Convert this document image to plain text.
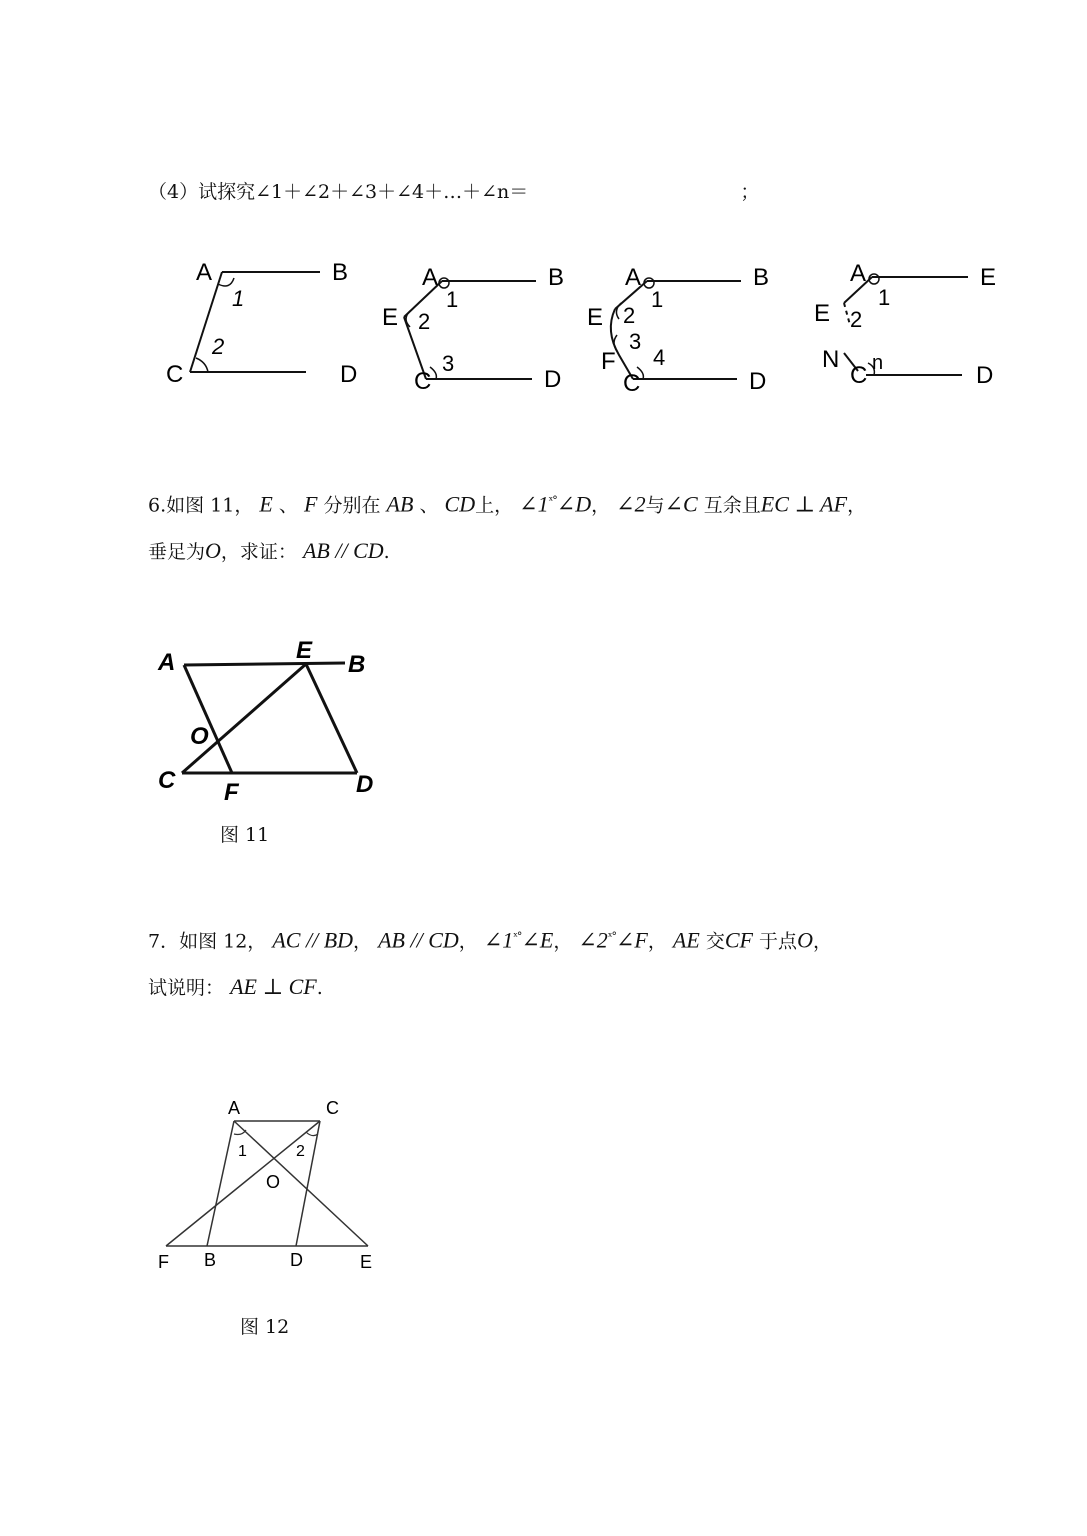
（4）试探究∠1＋∠2＋∠3＋∠4＋…＋∠n＝	；
A	B
C	D
1
2
A	B
E
C	D
1
2
3
A	B
E
F
C	D
1
2
3
4
A	E
E
N
C	D
1
2
n
6.如图 11， E 、 F 分别在 AB 、 CD上， $\angle 1^{ˣ^\circ}\angle D$， ∠2与∠C 互余且EC ⊥ AF，
垂足为O，求证： AB // CD.
A	E
B
O
C F	D
图 11
7．如图 12， AC // BD， AB // CD， $\angle 1^{ˣ^\circ}\angle E$， $\angle 2^{ˣ^\circ}\angle F$， AE 交CF 于点O，
试说明： AE ⊥ CF.
A	C
1	2
O
F B	D	E
图 12
